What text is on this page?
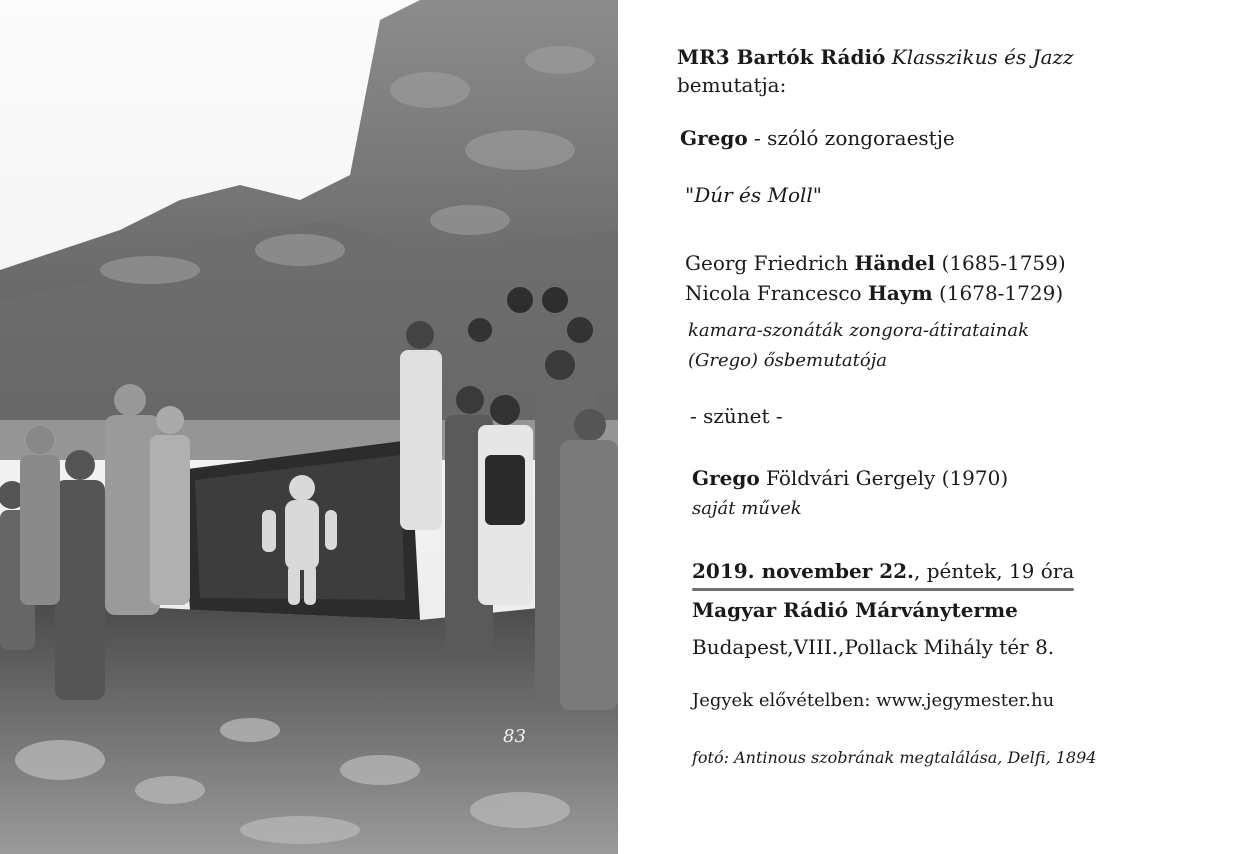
83
MR3 Bartók Rádió Klasszikus és Jazz
bemutatja:
Grego - szóló zongoraestje
"Dúr és Moll"
Georg Friedrich Händel (1685-1759)
Nicola Francesco Haym (1678-1729)
kamara-szonáták zongora-átiratainak
(Grego) ősbemutatója
- szünet -
Grego Földvári Gergely (1970)
saját művek
2019. november 22., péntek, 19 óra
Magyar Rádió Márványterme
Budapest,VIII.,Pollack Mihály tér 8.
Jegyek elővételben: www.jegymester.hu
fotó: Antinous szobrának megtalálása, Delfi, 1894
